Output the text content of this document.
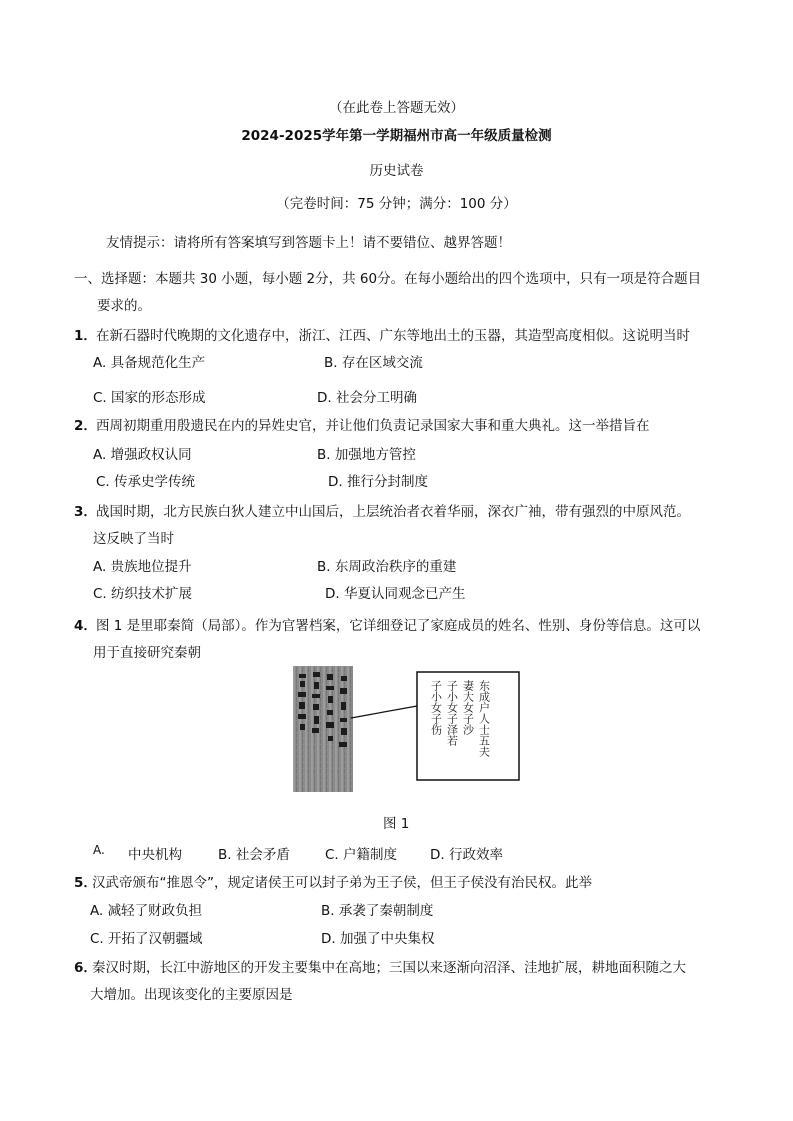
（在此卷上答题无效）
2024-2025学年第一学期福州市高一年级质量检测
历史试卷
（完卷时间：75 分钟；满分：100 分）
友情提示：请将所有答案填写到答题卡上！请不要错位、越界答题！
一、选择题：本题共 30 小题，每小题 2分，共 60分。在每小题给出的四个选项中，只有一项是符合题目
要求的。
1． 在新石器时代晚期的文化遗存中，浙江、江西、广东等地出土的玉器，其造型高度相似。这说明当时
A. 具备规范化生产	B. 存在区域交流
C. 国家的形态形成	D. 社会分工明确
2． 西周初期重用殷遗民在内的异姓史官，并让他们负责记录国家大事和重大典礼。这一举措旨在
A. 增强政权认同	B. 加强地方管控
C. 传承史学传统	D. 推行分封制度
3． 战国时期，北方民族白狄人建立中山国后，上层统治者衣着华丽，深衣广袖，带有强烈的中原风范。
这反映了当时
A. 贵族地位提升	B. 东周政治秩序的重建
C. 纺织技术扩展	D. 华夏认同观念已产生
4． 图 1 是里耶秦简（局部）。作为官署档案，它详细登记了家庭成员的姓名、性别、身份等信息。这可以
用于直接研究秦朝
东成户人士五夫
妻大女子沙
子小女子泽若
子小女子伤
图 1
A. 中央机构	B. 社会矛盾	C. 户籍制度 D. 行政效率
5．
汉武帝颁布“推恩令”，规定诸侯王可以封子弟为王子侯，但王子侯没有治民权。此举
A. 减轻了财政负担	B. 承袭了秦朝制度
C. 开拓了汉朝疆域	D. 加强了中央集权
6．
秦汉时期，长江中游地区的开发主要集中在高地；三国以来逐渐向沼泽、洼地扩展，耕地面积随之大
大增加。出现该变化的主要原因是
